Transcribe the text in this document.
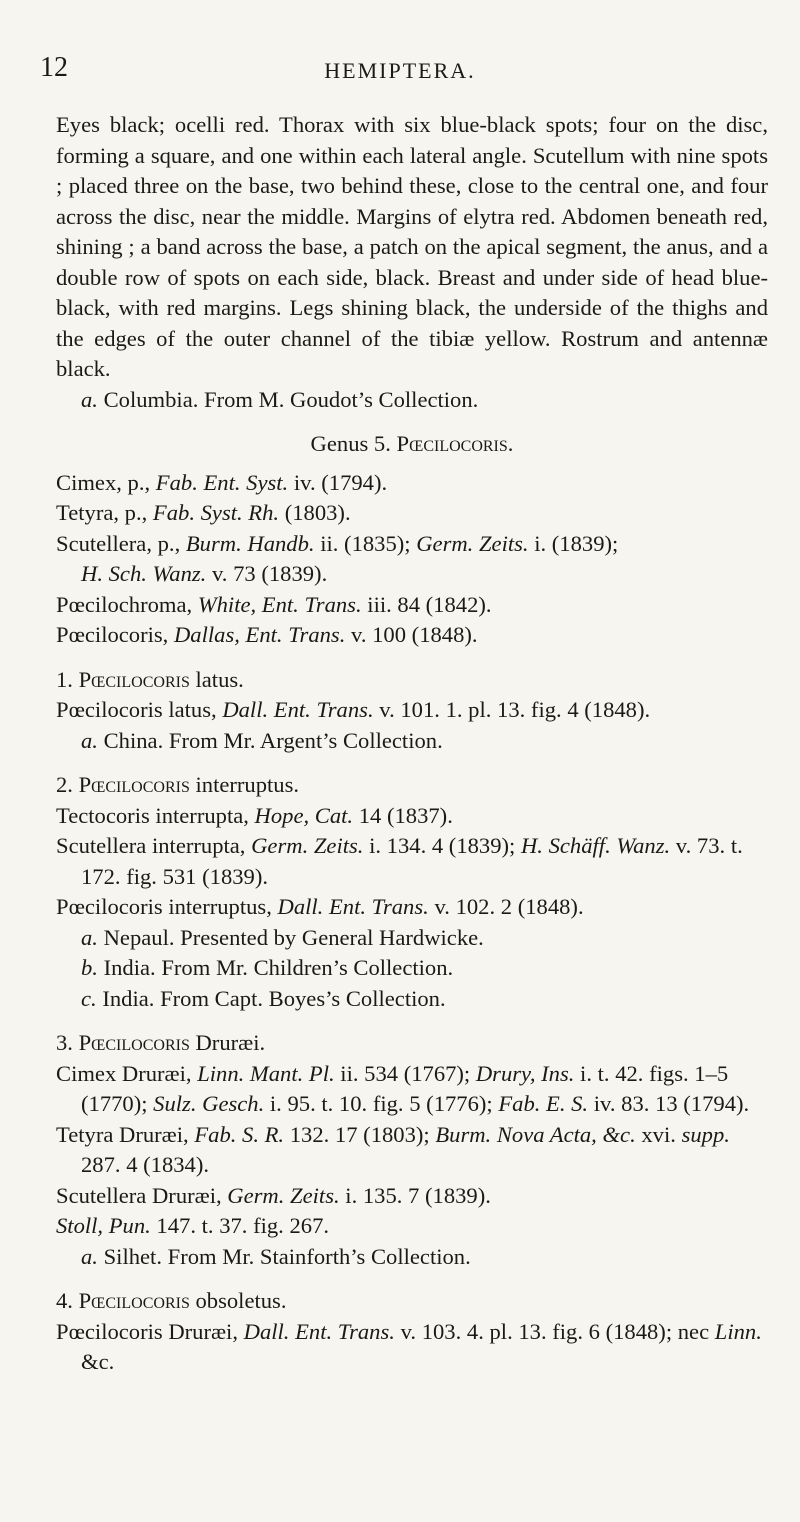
12	HEMIPTERA.

Eyes black; ocelli red. Thorax with six blue-black spots; four on the disc, forming a square, and one within each lateral angle. Scutellum with nine spots ; placed three on the base, two behind these, close to the central one, and four across the disc, near the middle. Margins of elytra red. Abdomen beneath red, shining ; a band across the base, a patch on the apical segment, the anus, and a double row of spots on each side, black. Breast and under side of head blue-black, with red margins. Legs shining black, the underside of the thighs and the edges of the outer channel of the tibiæ yellow. Rostrum and antennæ black.

a. Columbia. From M. Goudot’s Collection.

Genus 5. Pœcilocoris.

Cimex, p., Fab. Ent. Syst. iv. (1794).

Tetyra, p., Fab. Syst. Rh. (1803).

Scutellera, p., Burm. Handb. ii. (1835); Germ. Zeits. i. (1839);
H. Sch. Wanz. v. 73 (1839).

Pœcilochroma, White, Ent. Trans. iii. 84 (1842).

Pœcilocoris, Dallas, Ent. Trans. v. 100 (1848).

1. Pœcilocoris latus.

Pœcilocoris latus, Dall. Ent. Trans. v. 101. 1. pl. 13. fig. 4 (1848).

a. China. From Mr. Argent’s Collection.

2. Pœcilocoris interruptus.

Tectocoris interrupta, Hope, Cat. 14 (1837).

Scutellera interrupta, Germ. Zeits. i. 134. 4 (1839); H. Schäff. Wanz. v. 73. t. 172. fig. 531 (1839).

Pœcilocoris interruptus, Dall. Ent. Trans. v. 102. 2 (1848).

a. Nepaul. Presented by General Hardwicke.

b. India. From Mr. Children’s Collection.

c. India. From Capt. Boyes’s Collection.

3. Pœcilocoris Druræi.

Cimex Druræi, Linn. Mant. Pl. ii. 534 (1767); Drury, Ins. i. t. 42. figs. 1–5 (1770); Sulz. Gesch. i. 95. t. 10. fig. 5 (1776); Fab. E. S. iv. 83. 13 (1794).

Tetyra Druræi, Fab. S. R. 132. 17 (1803); Burm. Nova Acta, &c. xvi. supp. 287. 4 (1834).

Scutellera Druræi, Germ. Zeits. i. 135. 7 (1839).

Stoll, Pun. 147. t. 37. fig. 267.

a. Silhet. From Mr. Stainforth’s Collection.

4. Pœcilocoris obsoletus.

Pœcilocoris Druræi, Dall. Ent. Trans. v. 103. 4. pl. 13. fig. 6 (1848); nec Linn. &c.
